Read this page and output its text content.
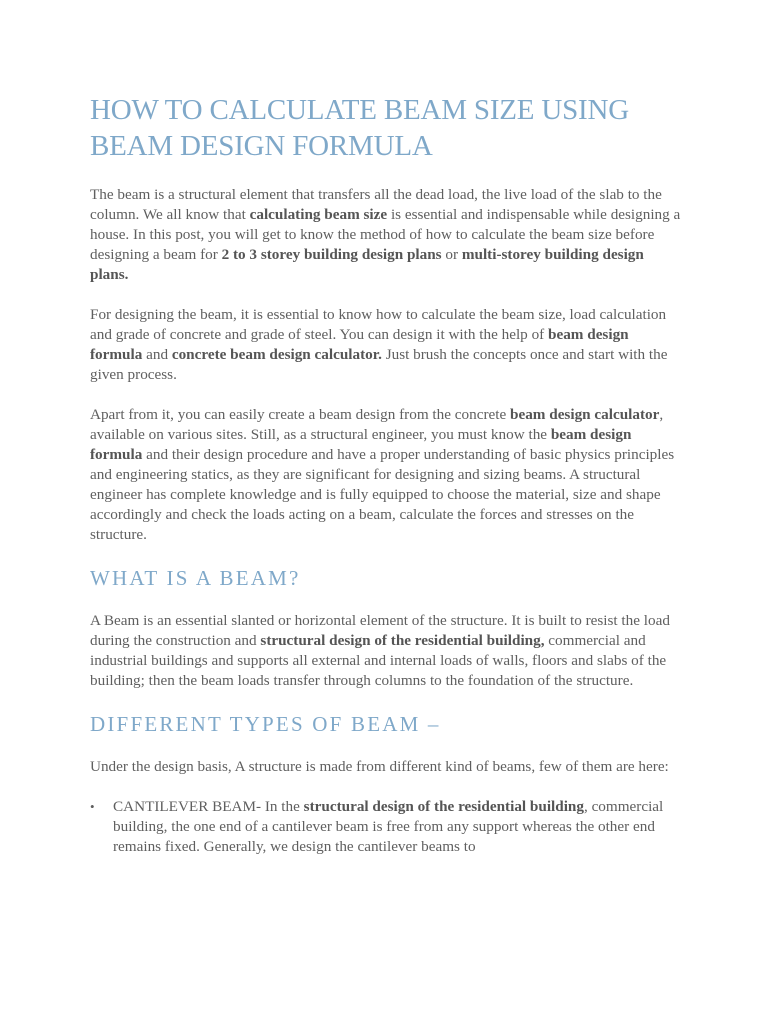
HOW TO CALCULATE BEAM SIZE USING
BEAM DESIGN FORMULA

The beam is a structural element that transfers all the dead load, the live load of the slab to the column. We all know that calculating beam size is essential and indispensable while designing a house. In this post, you will get to know the method of how to calculate the beam size before designing a beam for 2 to 3 storey building design plans or multi-storey building design plans.

For designing the beam, it is essential to know how to calculate the beam size, load calculation and grade of concrete and grade of steel. You can design it with the help of beam design formula and concrete beam design calculator. Just brush the concepts once and start with the given process.

Apart from it, you can easily create a beam design from the concrete beam design calculator, available on various sites. Still, as a structural engineer, you must know the beam design formula and their design procedure and have a proper understanding of basic physics principles and engineering statics, as they are significant for designing and sizing beams. A structural engineer has complete knowledge and is fully equipped to choose the material, size and shape accordingly and check the loads acting on a beam, calculate the forces and stresses on the structure.

WHAT IS A BEAM?

A Beam is an essential slanted or horizontal element of the structure. It is built to resist the load during the construction and structural design of the residential building, commercial and industrial buildings and supports all external and internal loads of walls, floors and slabs of the building; then the beam loads transfer through columns to the foundation of the structure.

DIFFERENT TYPES OF BEAM –

Under the design basis, A structure is made from different kind of beams, few of them are here:

• CANTILEVER BEAM- In the structural design of the residential building, commercial building, the one end of a cantilever beam is free from any support whereas the other end remains fixed. Generally, we design the cantilever beams to
